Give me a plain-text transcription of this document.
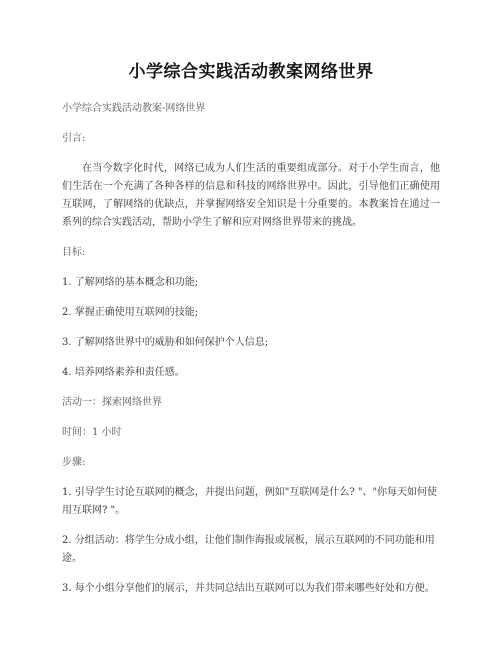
小学综合实践活动教案网络世界

小学综合实践活动教案-网络世界

引言:

在当今数字化时代，网络已成为人们生活的重要组成部分。对于小学生而言，他们生活在一个充满了各种各样的信息和科技的网络世界中。因此，引导他们正确使用互联网，了解网络的优缺点，并掌握网络安全知识是十分重要的。本教案旨在通过一系列的综合实践活动，帮助小学生了解和应对网络世界带来的挑战。

目标:

1. 了解网络的基本概念和功能;

2. 掌握正确使用互联网的技能;

3. 了解网络世界中的威胁和如何保护个人信息;

4. 培养网络素养和责任感。

活动一：探索网络世界

时间：1 小时

步骤:

1. 引导学生讨论互联网的概念，并提出问题，例如"互联网是什么? "、"你每天如何使用互联网? "。

2. 分组活动：将学生分成小组，让他们制作海报或展板，展示互联网的不同功能和用途。

3. 每个小组分享他们的展示，并共同总结出互联网可以为我们带来哪些好处和方便。
